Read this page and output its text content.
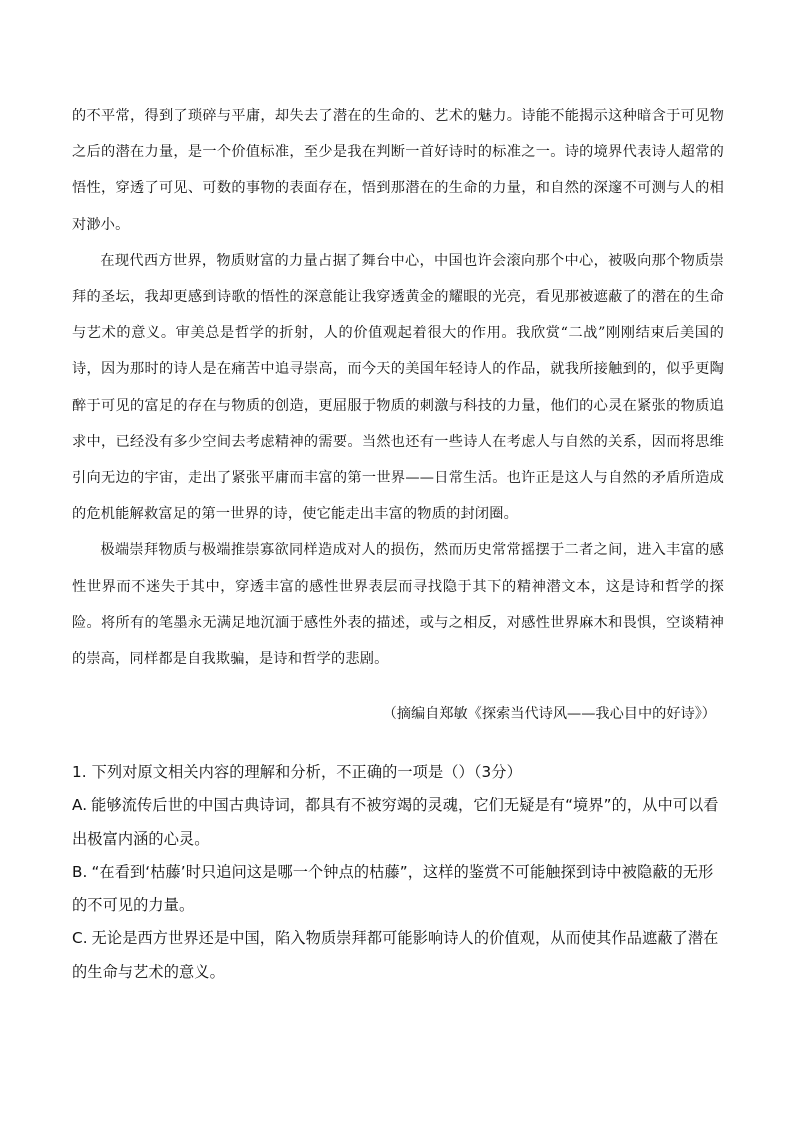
的不平常，得到了琐碎与平庸，却失去了潜在的生命的、艺术的魅力。诗能不能揭示这种暗含于可见物之后的潜在力量，是一个价值标准，至少是我在判断一首好诗时的标准之一。诗的境界代表诗人超常的悟性，穿透了可见、可数的事物的表面存在，悟到那潜在的生命的力量，和自然的深邃不可测与人的相对渺小。

在现代西方世界，物质财富的力量占据了舞台中心，中国也许会滚向那个中心，被吸向那个物质崇拜的圣坛，我却更感到诗歌的悟性的深意能让我穿透黄金的耀眼的光亮，看见那被遮蔽了的潜在的生命与艺术的意义。审美总是哲学的折射，人的价值观起着很大的作用。我欣赏“二战”刚刚结束后美国的诗，因为那时的诗人是在痛苦中追寻崇高，而今天的美国年轻诗人的作品，就我所接触到的，似乎更陶醉于可见的富足的存在与物质的创造，更屈服于物质的刺激与科技的力量，他们的心灵在紧张的物质追求中，已经没有多少空间去考虑精神的需要。当然也还有一些诗人在考虑人与自然的关系，因而将思维引向无边的宇宙，走出了紧张平庸而丰富的第一世界——日常生活。也许正是这人与自然的矛盾所造成的危机能解救富足的第一世界的诗，使它能走出丰富的物质的封闭圈。

极端崇拜物质与极端推崇寡欲同样造成对人的损伤，然而历史常常摇摆于二者之间，进入丰富的感性世界而不迷失于其中，穿透丰富的感性世界表层而寻找隐于其下的精神潜文本，这是诗和哲学的探险。将所有的笔墨永无满足地沉湎于感性外表的描述，或与之相反，对感性世界麻木和畏惧，空谈精神的崇高，同样都是自我欺骗，是诗和哲学的悲剧。

（摘编自郑敏《探索当代诗风——我心目中的好诗》）

1. 下列对原文相关内容的理解和分析，不正确的一项是（）（3分）

A. 能够流传后世的中国古典诗词，都具有不被穷竭的灵魂，它们无疑是有“境界”的，从中可以看出极富内涵的心灵。

B. “在看到‘枯藤’时只追问这是哪一个钟点的枯藤”，这样的鉴赏不可能触探到诗中被隐蔽的无形的不可见的力量。

C. 无论是西方世界还是中国，陷入物质崇拜都可能影响诗人的价值观，从而使其作品遮蔽了潜在的生命与艺术的意义。
